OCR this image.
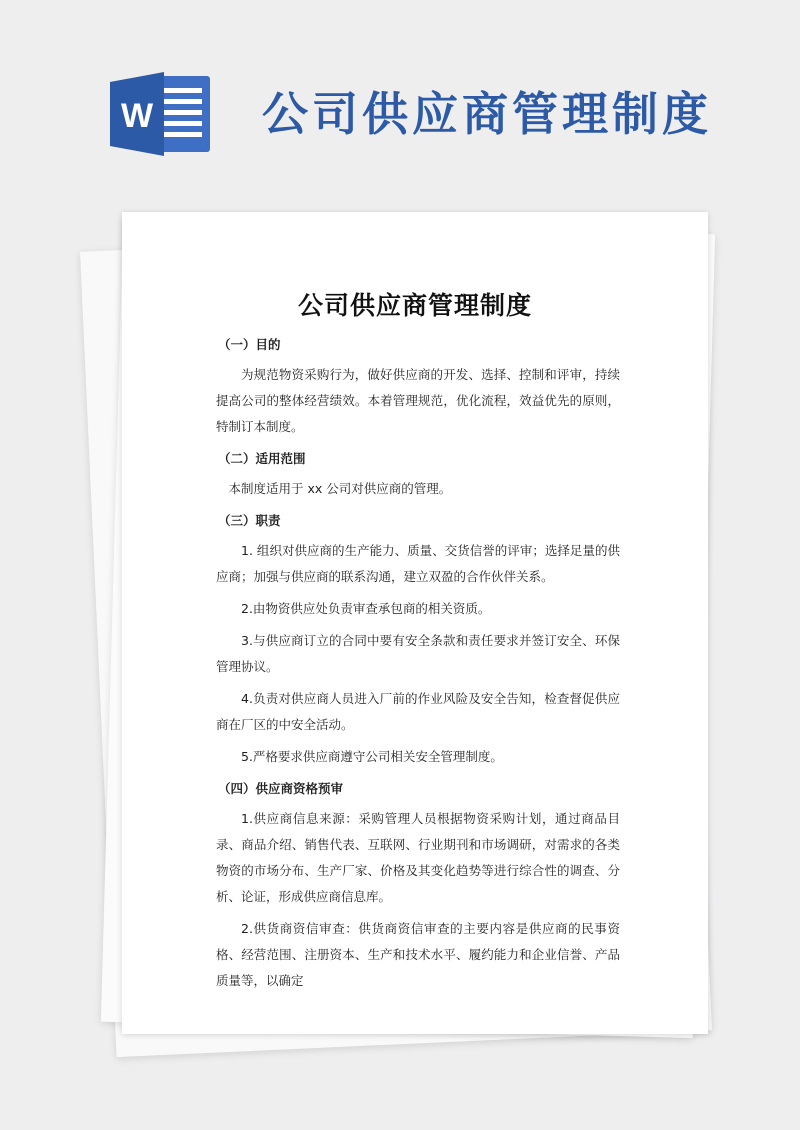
W 公司供应商管理制度
公司供应商管理制度

（一）目的

为规范物资采购行为，做好供应商的开发、选择、控制和评审，持续提高公司的整体经营绩效。本着管理规范，优化流程，效益优先的原则，特制订本制度。

（二）适用范围

本制度适用于 xx 公司对供应商的管理。

（三）职责

1. 组织对供应商的生产能力、质量、交货信誉的评审；选择足量的供应商；加强与供应商的联系沟通，建立双盈的合作伙伴关系。

2.由物资供应处负责审查承包商的相关资质。

3.与供应商订立的合同中要有安全条款和责任要求并签订安全、环保管理协议。

4.负责对供应商人员进入厂前的作业风险及安全告知，检查督促供应商在厂区的中安全活动。

5.严格要求供应商遵守公司相关安全管理制度。

（四）供应商资格预审

1.供应商信息来源：采购管理人员根据物资采购计划，通过商品目录、商品介绍、销售代表、互联网、行业期刊和市场调研，对需求的各类物资的市场分布、生产厂家、价格及其变化趋势等进行综合性的调查、分析、论证，形成供应商信息库。

2.供货商资信审查：供货商资信审查的主要内容是供应商的民事资格、经营范围、注册资本、生产和技术水平、履约能力和企业信誉、产品质量等，以确定
